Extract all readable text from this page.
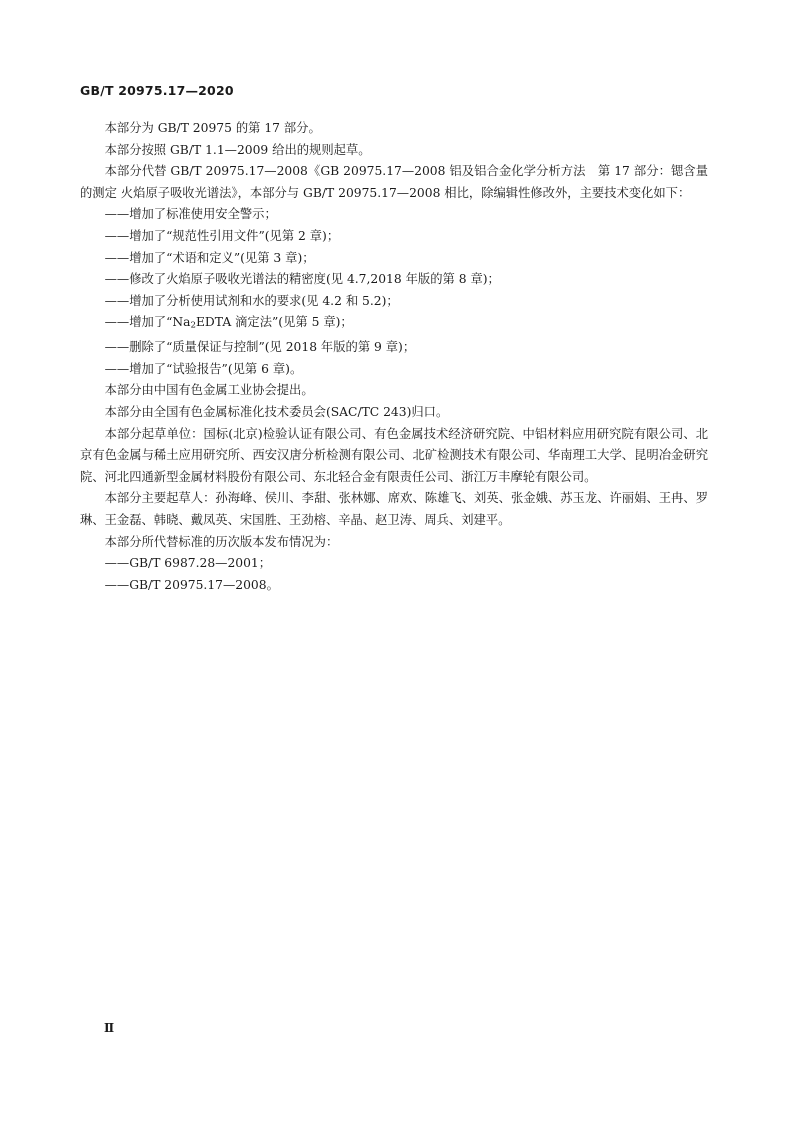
GB/T 20975.17—2020

本部分为 GB/T 20975 的第 17 部分。

本部分按照 GB/T 1.1—2009 给出的规则起草。

本部分代替 GB/T 20975.17—2008《GB 20975.17—2008 铝及铝合金化学分析方法　第 17 部分：锶含量的测定 火焰原子吸收光谱法》，本部分与 GB/T 20975.17—2008 相比，除编辑性修改外，主要技术变化如下：

——增加了标准使用安全警示；
——增加了“规范性引用文件”(见第 2 章)；
——增加了“术语和定义”(见第 3 章)；
——修改了火焰原子吸收光谱法的精密度(见 4.7,2018 年版的第 8 章)；
——增加了分析使用试剂和水的要求(见 4.2 和 5.2)；
——增加了“Na2EDTA 滴定法”(见第 5 章)；
——删除了“质量保证与控制”(见 2018 年版的第 9 章)；
——增加了“试验报告”(见第 6 章)。

本部分由中国有色金属工业协会提出。

本部分由全国有色金属标准化技术委员会(SAC/TC 243)归口。

本部分起草单位：国标(北京)检验认证有限公司、有色金属技术经济研究院、中铝材料应用研究院有限公司、北京有色金属与稀土应用研究所、西安汉唐分析检测有限公司、北矿检测技术有限公司、华南理工大学、昆明冶金研究院、河北四通新型金属材料股份有限公司、东北轻合金有限责任公司、浙江万丰摩轮有限公司。

本部分主要起草人：孙海峰、侯川、李甜、张林娜、席欢、陈雄飞、刘英、张金娥、苏玉龙、许丽娟、王冉、罗琳、王金磊、韩晓、戴凤英、宋国胜、王劲榕、辛晶、赵卫涛、周兵、刘建平。

本部分所代替标准的历次版本发布情况为：

——GB/T 6987.28—2001；
——GB/T 20975.17—2008。
Ⅱ
